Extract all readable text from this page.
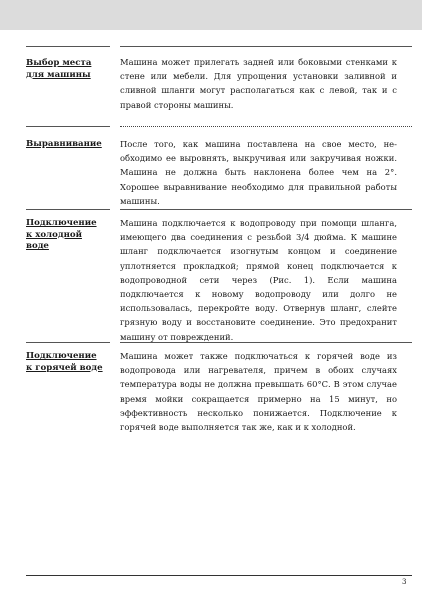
Выбор места
для машины
Машина может прилегать задней или боковыми стенками к стене или мебели. Для упрощения установки заливной и сливной шланги могут располагаться как с левой, так и с правой стороны машины.
Выравнивание	После того, как машина поставлена на свое место, необходимо ее выровнять, выкручивая или закручивая ножки. Машина не должна быть наклонена более чем на 2°. Хорошее выравнивание необходимо для правильной работы машины.
Подключение
к холодной
воде
Машина подключается к водопроводу при помощи шланга, имеющего два соединения с резьбой 3/4 дюйма. К машине шланг подключается изогнутым концом и соединение уплотняется прокладкой; прямой конец подключается к водопроводной сети через (Рис. 1). Если машина подключается к новому водопроводу или долго не использовалась, перекройте воду. Отвернув шланг, слейте грязную воду и восстановите соединение. Это предохранит машину от повреждений.
Подключение
к горячей воде
Машина может также подключаться к горячей воде из водопровода или нагревателя, причем в обоих случаях температура воды не должна превышать 60°С. В этом случае время мойки сокращается примерно на 15 минут, но эффективность несколько понижается. Подключение к горячей воде выполняется так же, как и к холодной.
3
